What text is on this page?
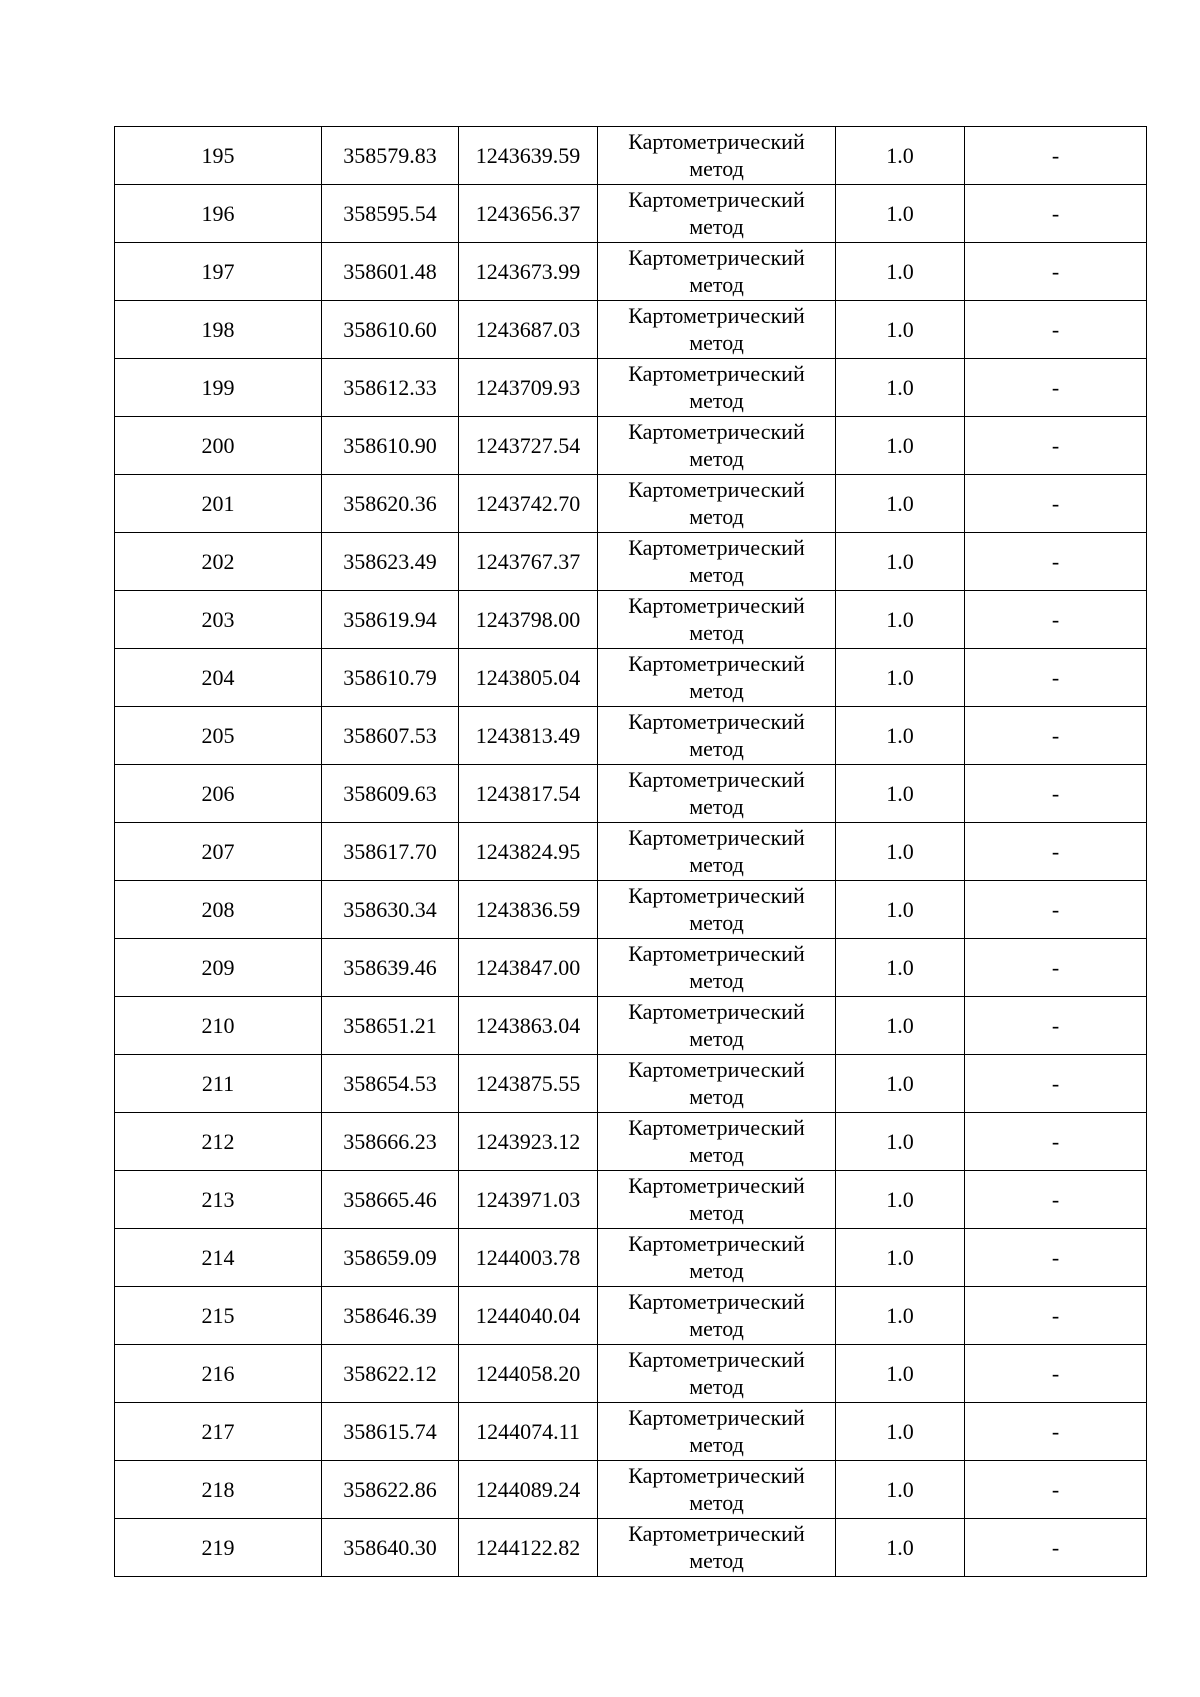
195	358579.83	1243639.59	Картометрический метод	1.0	-
196	358595.54	1243656.37	Картометрический метод	1.0	-
197	358601.48	1243673.99	Картометрический метод	1.0	-
198	358610.60	1243687.03	Картометрический метод	1.0	-
199	358612.33	1243709.93	Картометрический метод	1.0	-
200	358610.90	1243727.54	Картометрический метод	1.0	-
201	358620.36	1243742.70	Картометрический метод	1.0	-
202	358623.49	1243767.37	Картометрический метод	1.0	-
203	358619.94	1243798.00	Картометрический метод	1.0	-
204	358610.79	1243805.04	Картометрический метод	1.0	-
205	358607.53	1243813.49	Картометрический метод	1.0	-
206	358609.63	1243817.54	Картометрический метод	1.0	-
207	358617.70	1243824.95	Картометрический метод	1.0	-
208	358630.34	1243836.59	Картометрический метод	1.0	-
209	358639.46	1243847.00	Картометрический метод	1.0	-
210	358651.21	1243863.04	Картометрический метод	1.0	-
211	358654.53	1243875.55	Картометрический метод	1.0	-
212	358666.23	1243923.12	Картометрический метод	1.0	-
213	358665.46	1243971.03	Картометрический метод	1.0	-
214	358659.09	1244003.78	Картометрический метод	1.0	-
215	358646.39	1244040.04	Картометрический метод	1.0	-
216	358622.12	1244058.20	Картометрический метод	1.0	-
217	358615.74	1244074.11	Картометрический метод	1.0	-
218	358622.86	1244089.24	Картометрический метод	1.0	-
219	358640.30	1244122.82	Картометрический метод	1.0	-
